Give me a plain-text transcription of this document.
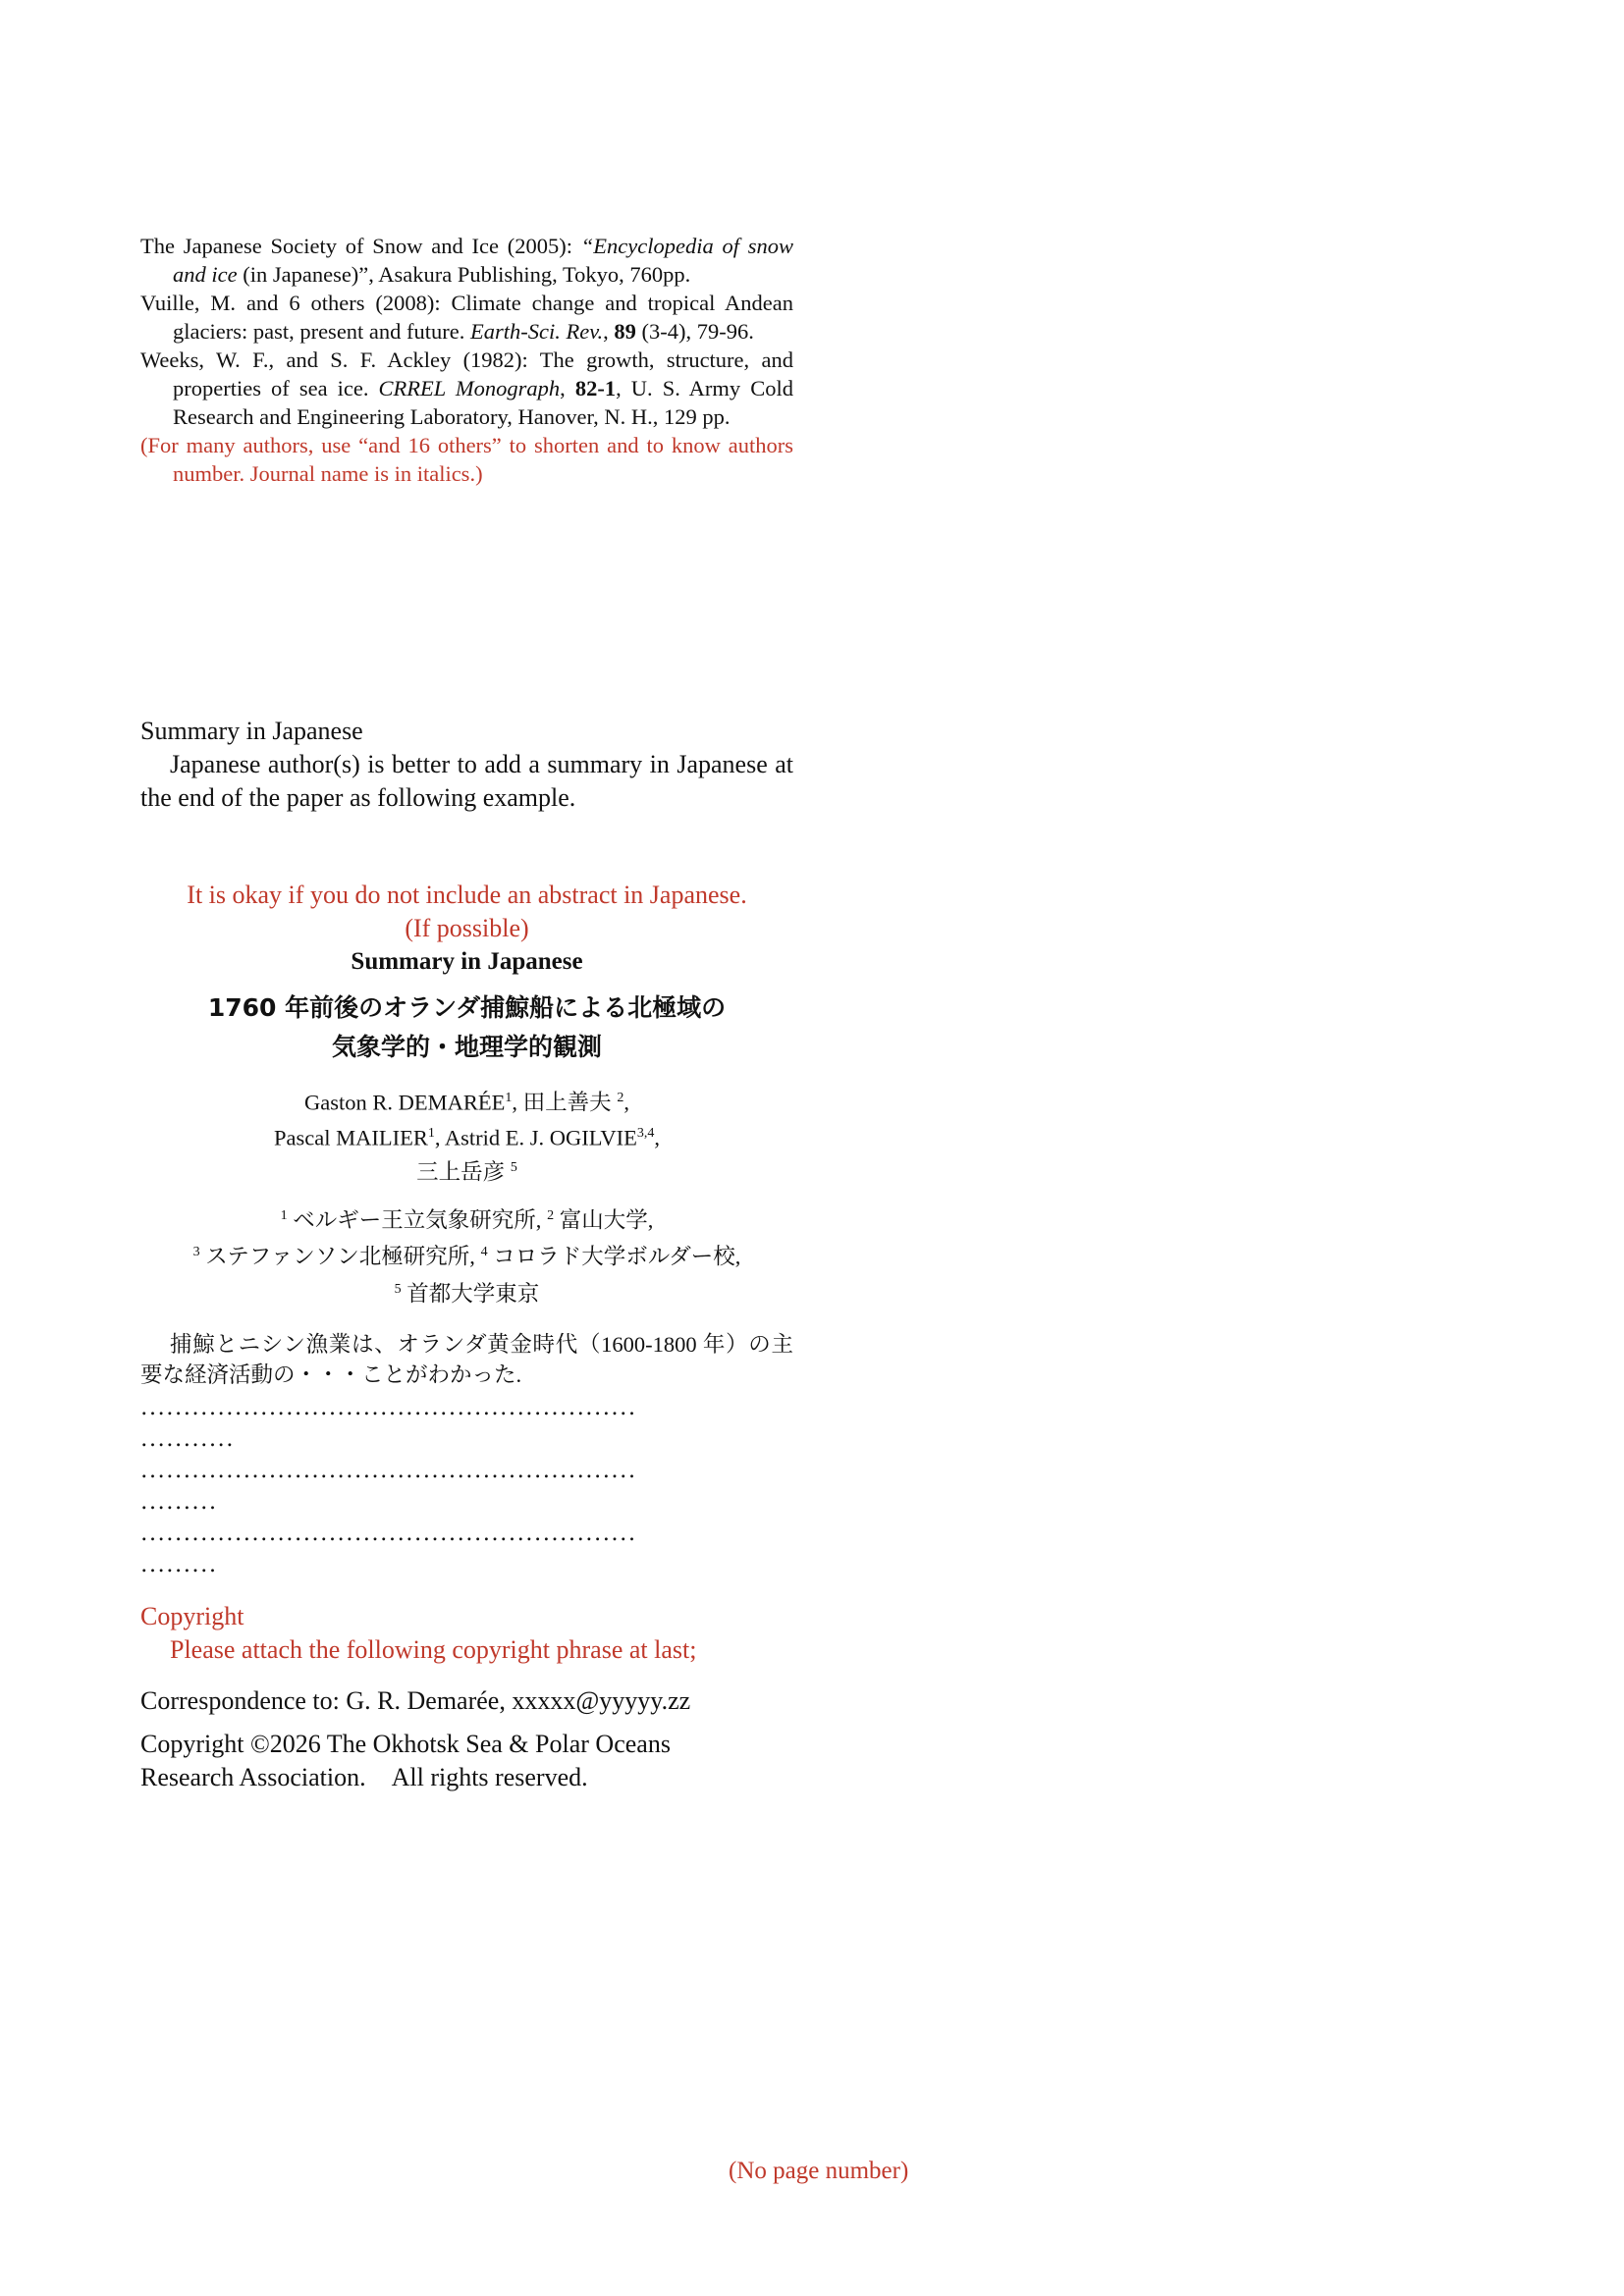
The Japanese Society of Snow and Ice (2005): “Encyclopedia of snow and ice (in Japanese)”, Asakura Publishing, Tokyo, 760pp.

Vuille, M. and 6 others (2008): Climate change and tropical Andean glaciers: past, present and future. Earth-Sci. Rev., 89 (3-4), 79-96.

Weeks, W. F., and S. F. Ackley (1982): The growth, structure, and properties of sea ice. CRREL Monograph, 82-1, U. S. Army Cold Research and Engineering Laboratory, Hanover, N. H., 129 pp.

(For many authors, use “and 16 others” to shorten and to know authors number. Journal name is in italics.)

Summary in Japanese

Japanese author(s) is better to add a summary in Japanese at the end of the paper as following example.

It is okay if you do not include an abstract in Japanese.

(If possible)

Summary in Japanese

1760 年前後のオランダ捕鯨船による北極域の
気象学的・地理学的観測
Gaston R. DEMARÉE$^1$, 田上善夫 $^2$,
Pascal MAILIER$^1$, Astrid E. J. OGILVIE$^{3,4}$,
三上岳彦 $^5$
$^1$ ベルギー王立気象研究所, $^2$ 富山大学,
$^3$ ステファンソン北極研究所, $^4$ コロラド大学ボルダー校,
$^5$ 首都大学東京
捕鯨とニシン漁業は、オランダ黄金時代（1600-1800 年）の主要な経済活動の・・・ことがわかった.
․․․․․․․․․․․․․․․․․․․․․․․․․․․․․․․․․․․․․․․․․․․․․․․․․․․․․․․․․․
․․․․․․․․․․․
․․․․․․․․․․․․․․․․․․․․․․․․․․․․․․․․․․․․․․․․․․․․․․․․․․․․․․․․․․
․․․․․․․․․
․․․․․․․․․․․․․․․․․․․․․․․․․․․․․․․․․․․․․․․․․․․․․․․․․․․․․․․․․․
․․․․․․․․․

Copyright

Please attach the following copyright phrase at last;

Correspondence to: G. R. Demarée, xxxxx@yyyyy.zz

Copyright ©2026 The Okhotsk Sea & Polar Oceans

Research Association.　All rights reserved.

(No page number)
